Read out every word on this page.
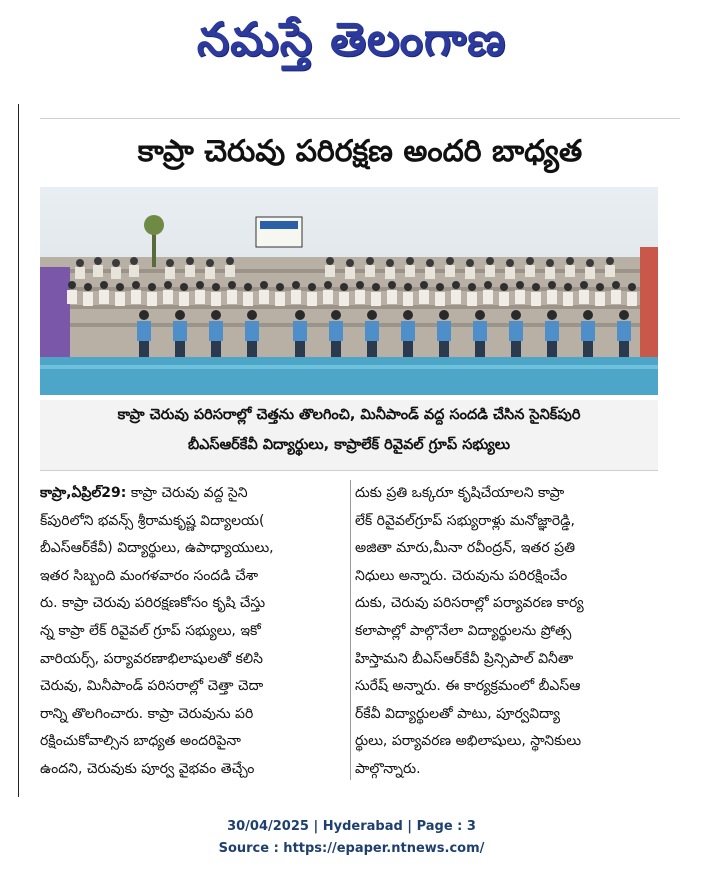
నమస్తే తెలంగాణ
కాప్రా చెరువు పరిరక్షణ అందరి బాధ్యత
కాప్రా చెరువు పరిసరాల్లో చెత్తను తొలగించి, మినీపాండ్ వద్ద సందడి చేసిన సైనిక్‌పురి
బీఎస్‌ఆర్‌కేవీ విద్యార్థులు, కాప్రాలేక్ రివైవల్ గ్రూప్ సభ్యులు
కాప్రా,ఏప్రిల్29: కాప్రా చెరువు వద్ద సైని
క్‌పురిలోని భవన్స్ శ్రీరామకృష్ణ విద్యాలయ(
బీఎస్‌ఆర్‌కేవీ) విద్యార్థులు, ఉపాధ్యాయులు,
ఇతర సిబ్బంది మంగళవారం సందడి చేశా
రు. కాప్రా చెరువు పరిరక్షణకోసం కృషి చేస్తు
న్న కాప్రా లేక్ రివైవల్ గ్రూప్ సభ్యులు, ఇకో
వారియర్స్, పర్యావరణాభిలాషులతో కలిసి
చెరువు, మినీపాండ్ పరిసరాల్లో చెత్తా చెదా
రాన్ని తొలగించారు. కాప్రా చెరువును పరి
రక్షించుకోవాల్సిన బాధ్యత అందరిపైనా
ఉందని, చెరువుకు పూర్వ వైభవం తెచ్చేం
దుకు ప్రతి ఒక్కరూ కృషిచేయాలని కాప్రా
లేక్ రివైవల్‌గ్రూప్ సభ్యురాళ్లు మనోజ్ఞారెడ్డి,
అజితా మారు,మీనా రవీంద్రన్, ఇతర ప్రతి
నిధులు అన్నారు. చెరువును పరిరక్షించేం
దుకు, చెరువు పరిసరాల్లో పర్యావరణ కార్య
కలాపాల్లో పాల్గొనేలా విద్యార్థులను ప్రోత్స
హిస్తామని బీఎస్‌ఆర్‌కేవీ ప్రిన్సిపాల్ వినీతా
సురేష్ అన్నారు. ఈ కార్యక్రమంలో బీఎస్‌ఆ
ర్‌కేవీ విద్యార్థులతో పాటు, పూర్వవిద్యా
ర్థులు, పర్యావరణ అభిలాషులు, స్థానికులు
పాల్గొన్నారు.
30/04/2025 | Hyderabad | Page : 3
Source : https://epaper.ntnews.com/
